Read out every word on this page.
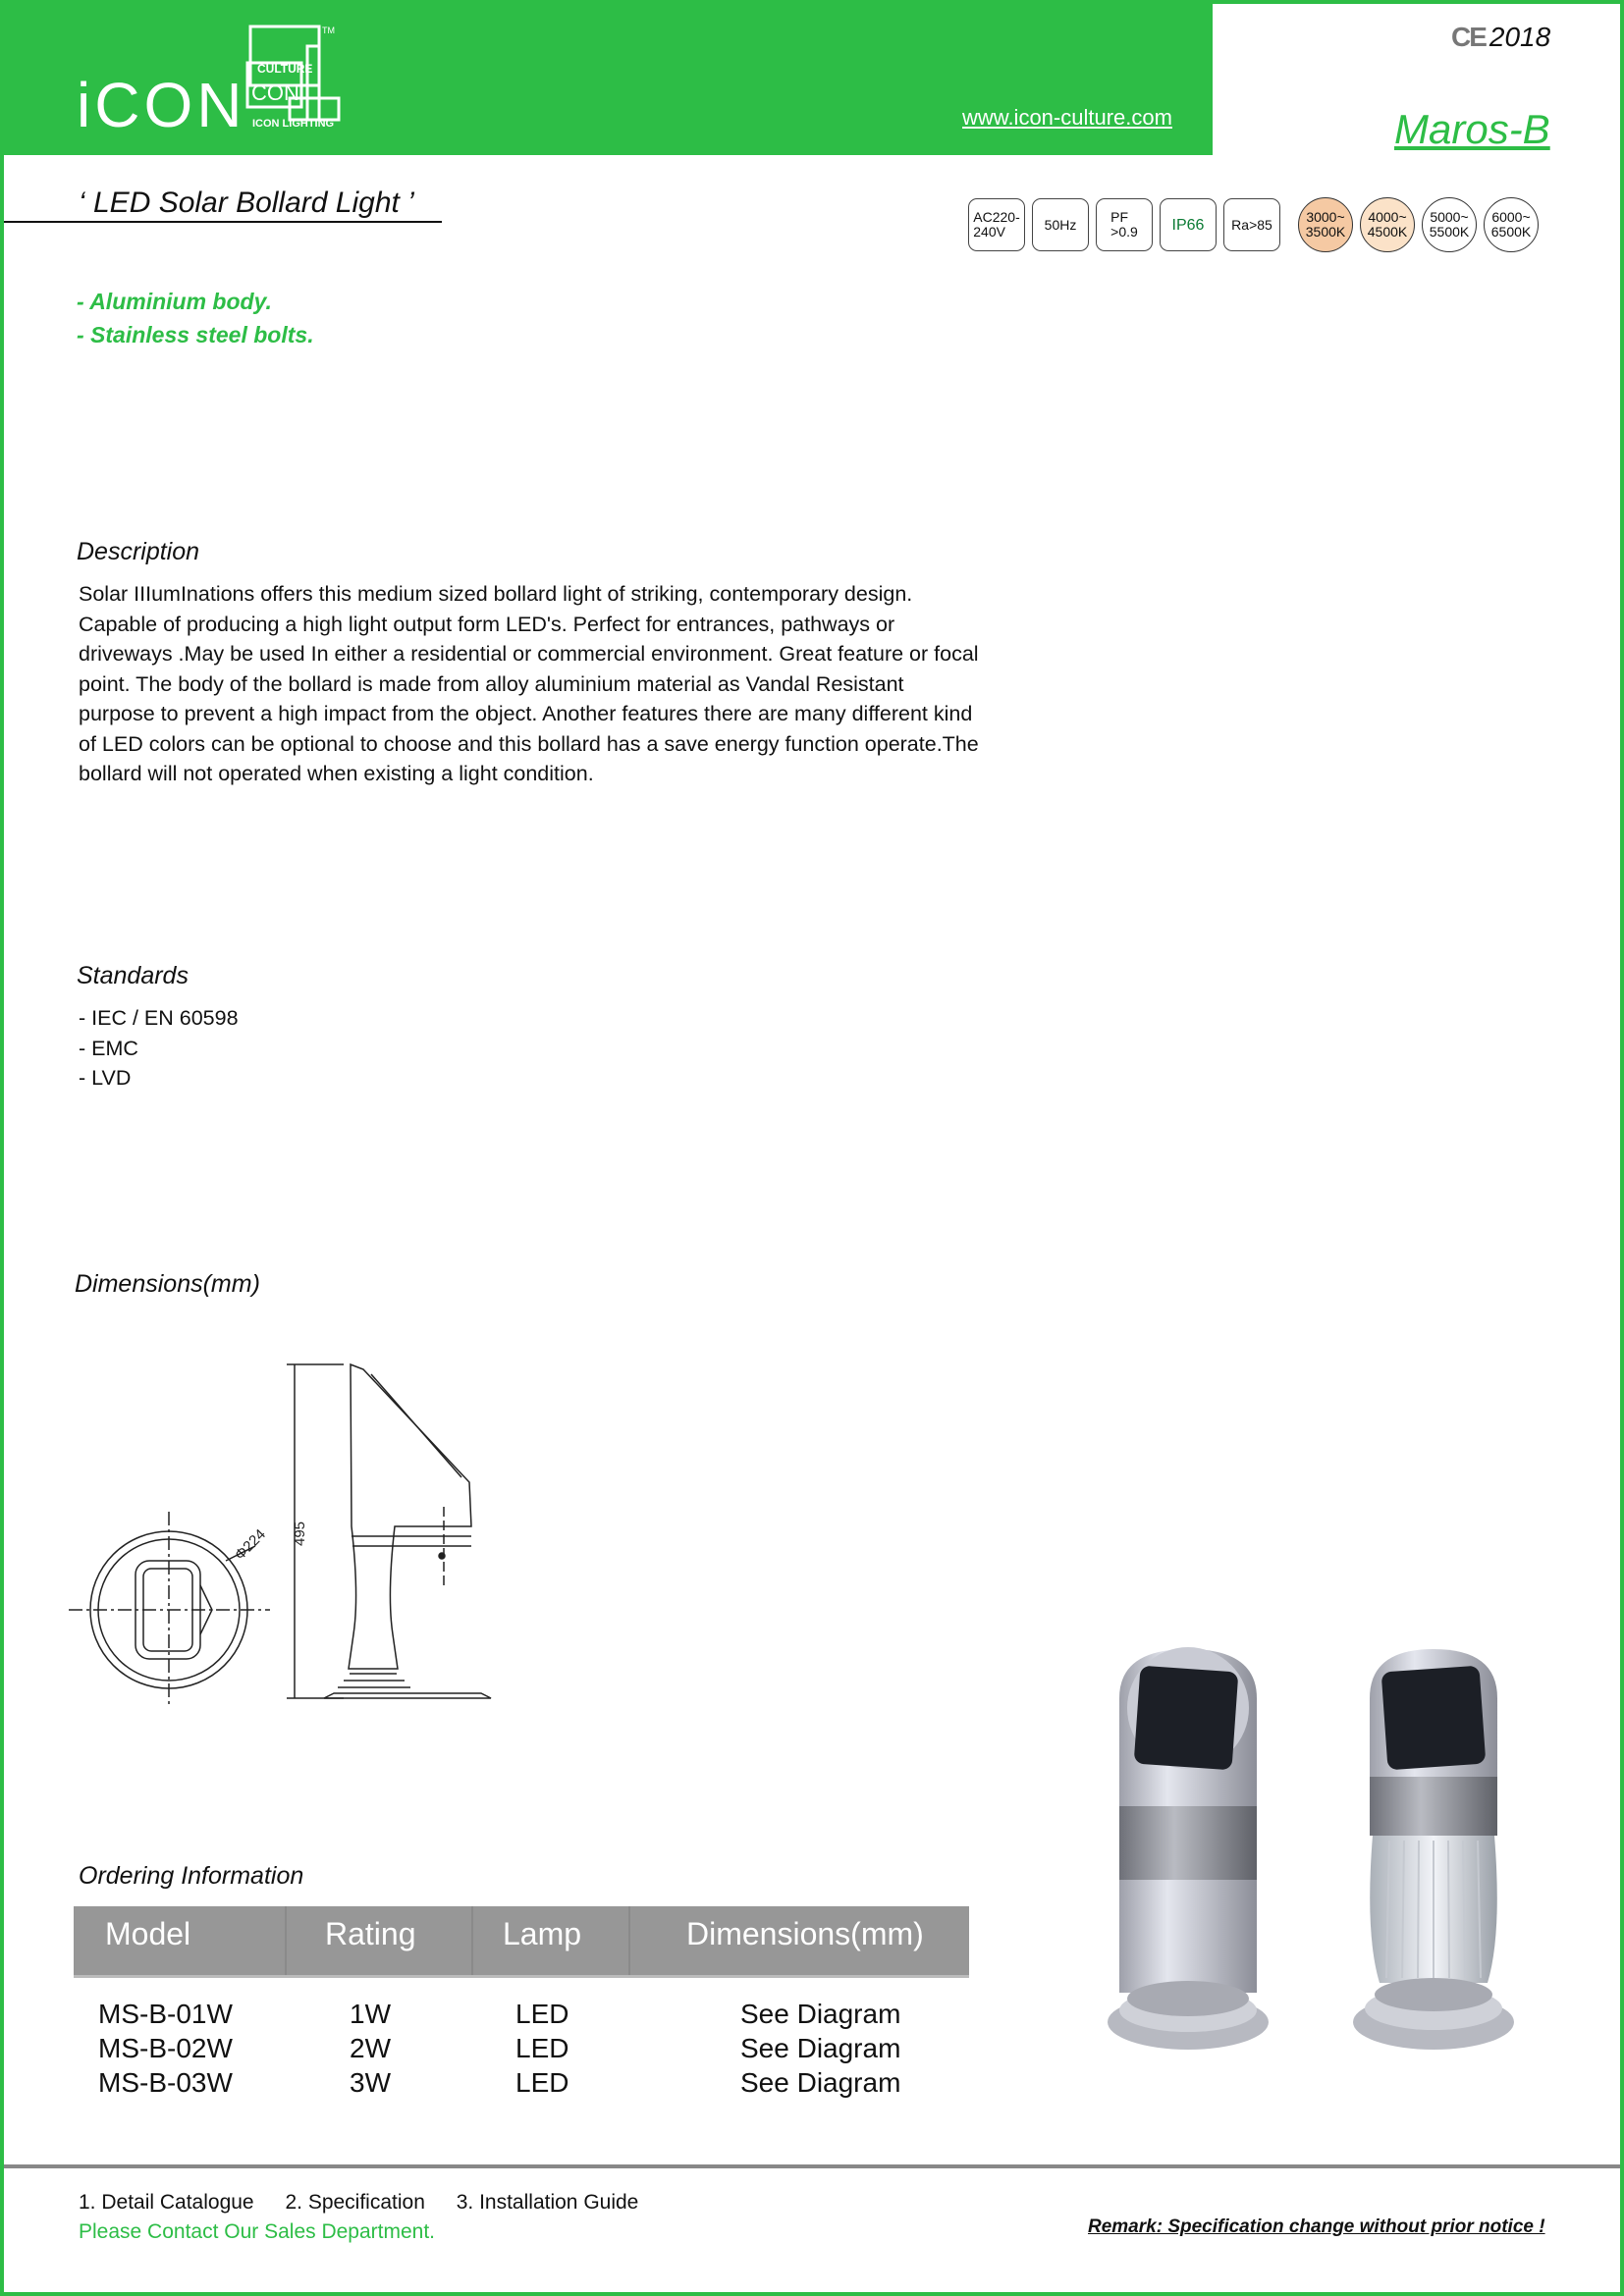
iCON
CULTURE
CON
TM
ICON LIGHTING	www.icon-culture.com
CE 2018
Maros-B
‘ LED Solar Bollard Light ’	AC220-
240V	50Hz PF
>0.9 IP66 Ra>85 3000~
3500K
4000~
4500K
5000~
5500K
6000~
6500K
- Aluminium body.
- Stainless steel bolts.
Description
Solar IIIumInations offers this medium sized bollard light of striking, contemporary design. Capable of producing a high light output form LED's. Perfect for entrances, pathways or driveways .May be used In either a residential or commercial environment. Great feature or focal point. The body of the bollard is made from alloy aluminium material as Vandal Resistant purpose to prevent a high impact from the object. Another features there are many different kind of LED colors can be optional to choose and this bollard has a save energy function operate.The bollard will not operated when existing a light condition.
Standards
- IEC / EN 60598
- EMC
- LVD
Dimensions(mm)
Φ224 495
Ordering Information
Model	Rating	Lamp	Dimensions(mm)
MS-B-01W	1W	LED	See Diagram
MS-B-02W	2W	LED	See Diagram
MS-B-03W	3W	LED	See Diagram
1. Detail Catalogue 2. Specification 3. Installation Guide
Please Contact Our Sales Department.	Remark: Specification change without prior notice !
